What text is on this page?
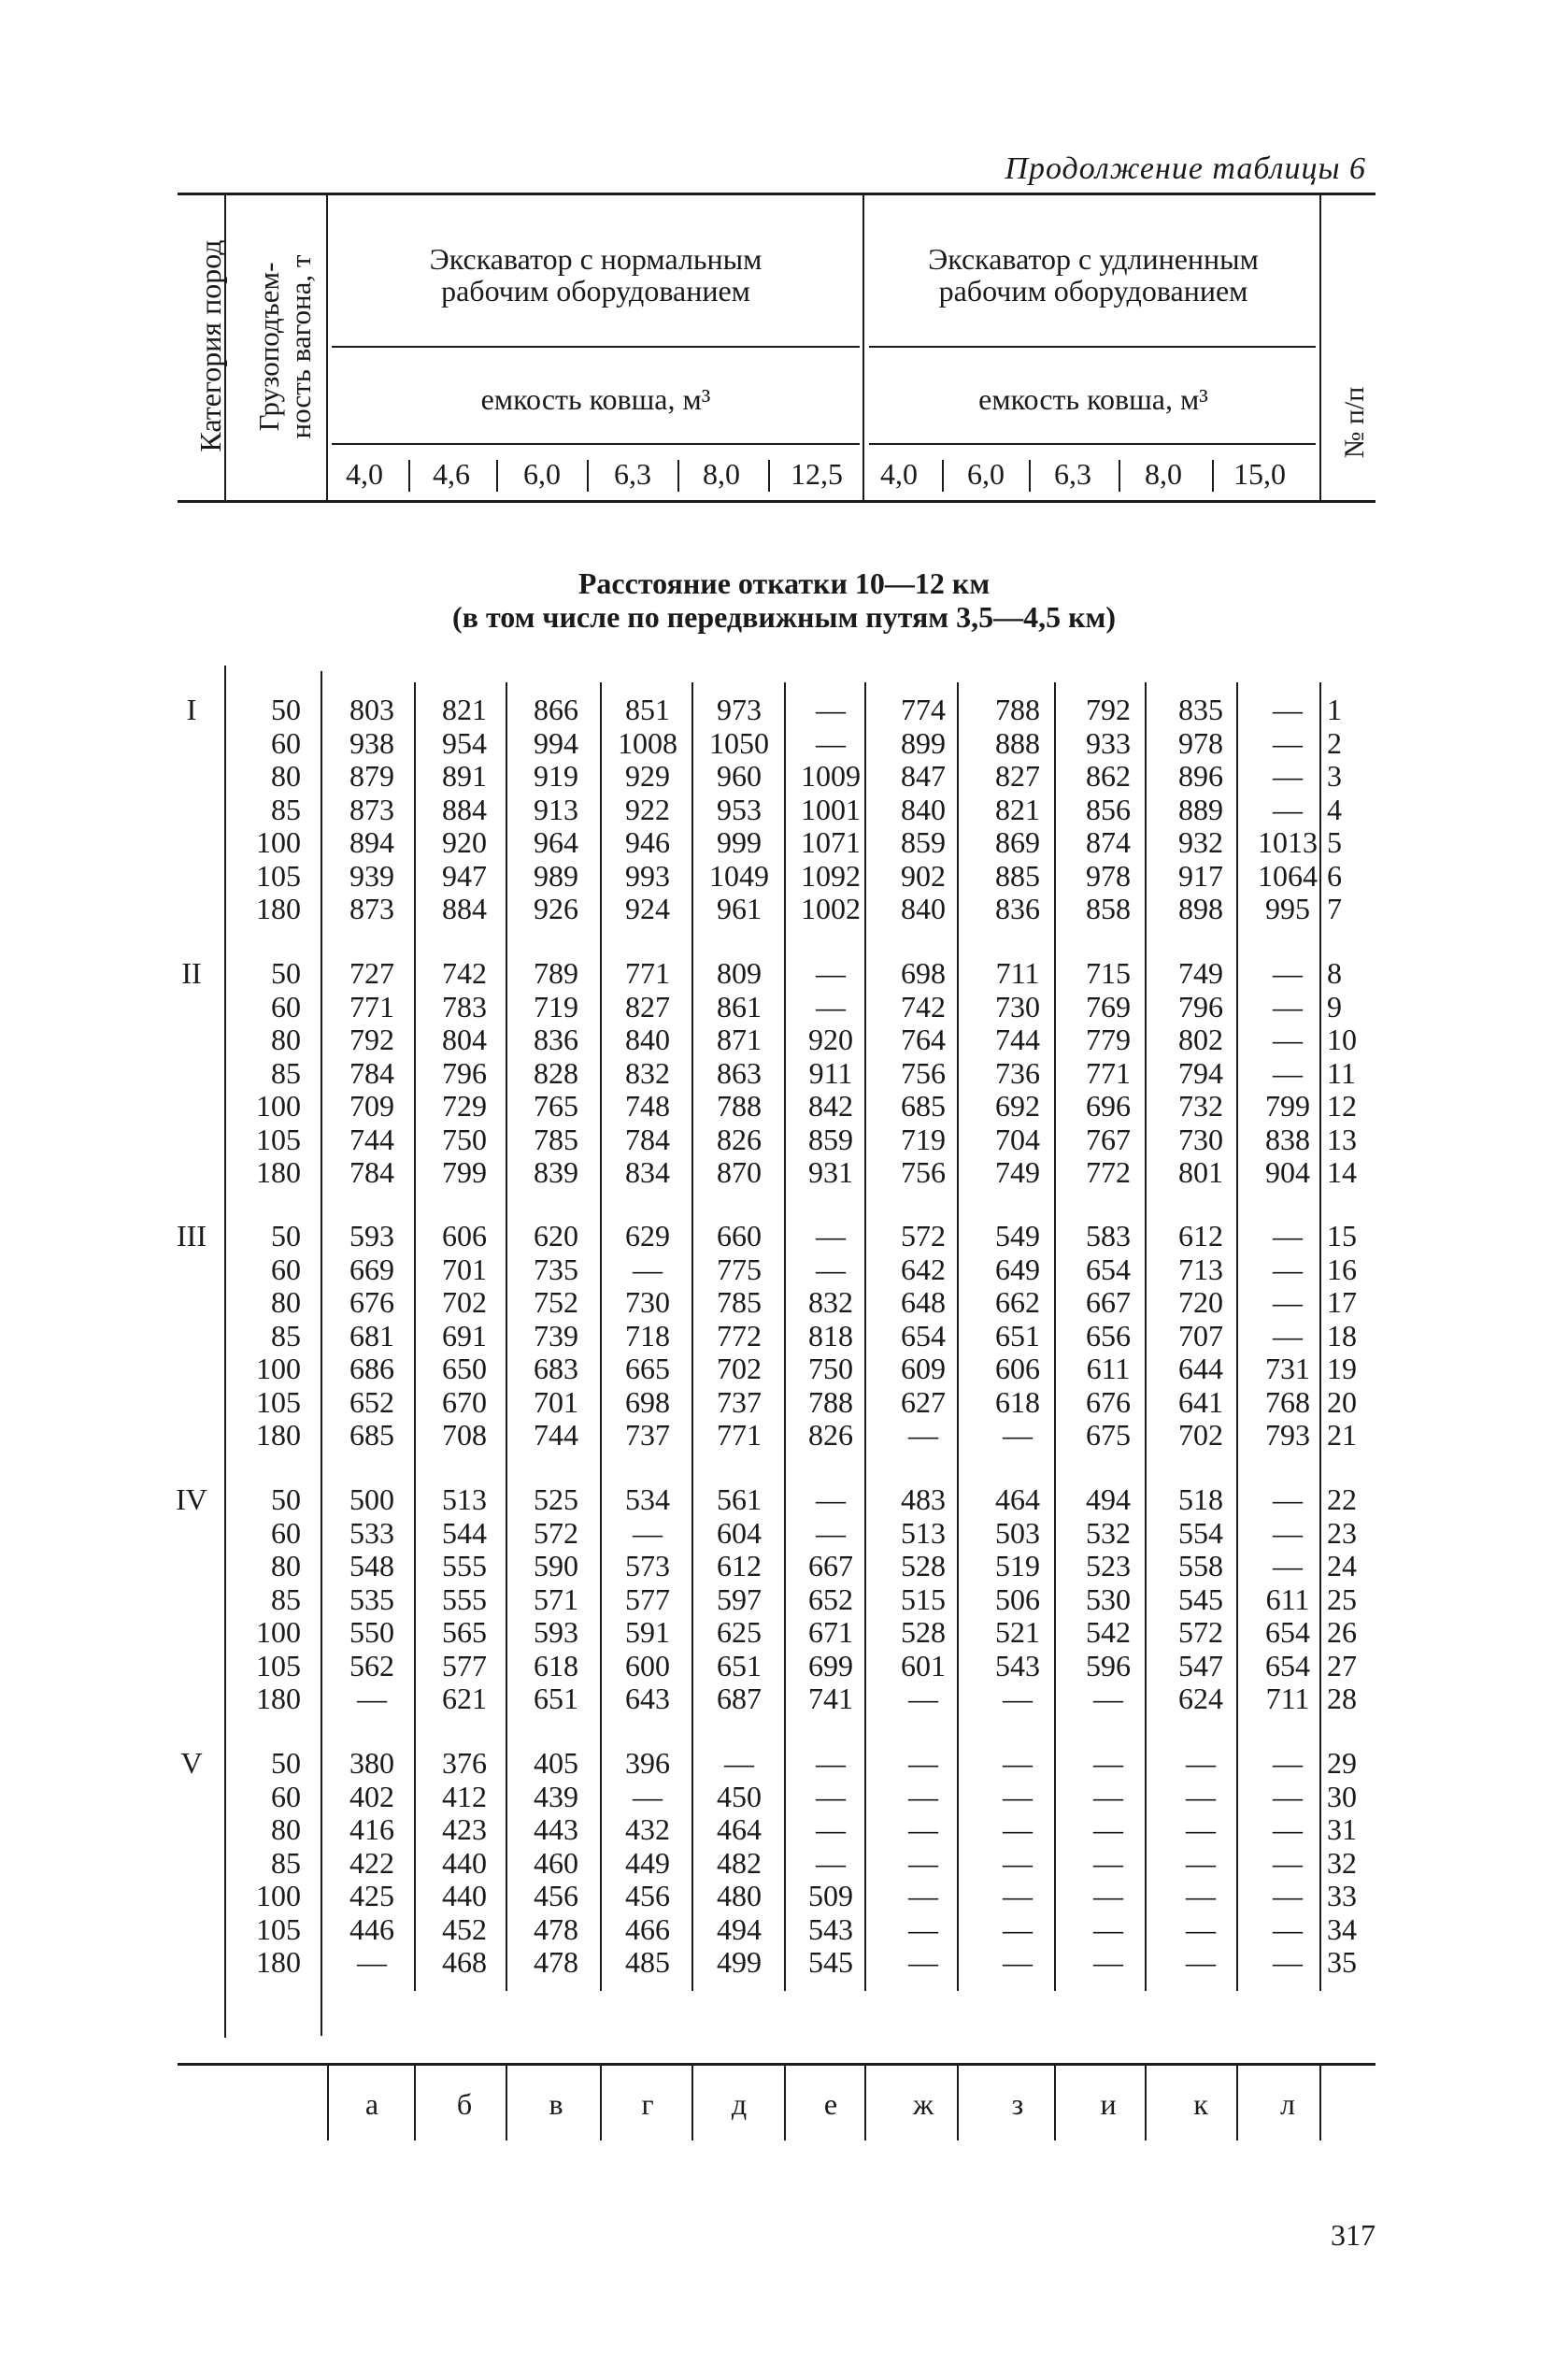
Продолжение таблицы 6
Категория пород Грузоподъем- ность вагона, т	№ п/п
Экскаватор с нормальным
рабочим оборудованием
Экскаватор с удлиненным
рабочим оборудованием
емкость ковша, м³	емкость ковша, м³
4,0	4,6	6,0	6,3	8,0	12,5	4,0	6,0	6,3	8,0	15,0
Расстояние откатки 10—12 км
(в том числе по передвижным путям 3,5—4,5 км)
I	50	803	821	866	851	973	—	774	788	792	835	— 1
60	938	954	994	1008	1050	—	899	888	933	978	— 2
80	879	891	919	929	960	1009	847	827	862	896	— 3
85	873	884	913	922	953	1001	840	821	856	889	— 4
100	894	920	964	946	999	1071	859	869	874	932	1013 5
105	939	947	989	993	1049	1092	902	885	978	917	1064 6
180	873	884	926	924	961	1002	840	836	858	898	995 7
II	50	727	742	789	771	809	—	698	711	715	749	— 8
60	771	783	719	827	861	—	742	730	769	796	— 9
80	792	804	836	840	871	920	764	744	779	802	— 10
85	784	796	828	832	863	911	756	736	771	794	— 11
100	709	729	765	748	788	842	685	692	696	732	799 12
105	744	750	785	784	826	859	719	704	767	730	838 13
180	784	799	839	834	870	931	756	749	772	801	904 14
III	50	593	606	620	629	660	—	572	549	583	612	— 15
60	669	701	735	—	775	—	642	649	654	713	— 16
80	676	702	752	730	785	832	648	662	667	720	— 17
85	681	691	739	718	772	818	654	651	656	707	— 18
100	686	650	683	665	702	750	609	606	611	644	731 19
105	652	670	701	698	737	788	627	618	676	641	768 20
180	685	708	744	737	771	826	—	—	675	702	793 21
IV	50	500	513	525	534	561	—	483	464	494	518	— 22
60	533	544	572	—	604	—	513	503	532	554	— 23
80	548	555	590	573	612	667	528	519	523	558	— 24
85	535	555	571	577	597	652	515	506	530	545	611 25
100	550	565	593	591	625	671	528	521	542	572	654 26
105	562	577	618	600	651	699	601	543	596	547	654 27
180	—	621	651	643	687	741	—	—	—	624	711 28
V	50	380	376	405	396	—	—	—	—	—	—	— 29
60	402	412	439	—	450	—	—	—	—	—	— 30
80	416	423	443	432	464	—	—	—	—	—	— 31
85	422	440	460	449	482	—	—	—	—	—	— 32
100	425	440	456	456	480	509	—	—	—	—	— 33
105	446	452	478	466	494	543	—	—	—	—	— 34
180	—	468	478	485	499	545	—	—	—	—	— 35
а	б	в	г	д	е	ж	з	и	к	л
317
